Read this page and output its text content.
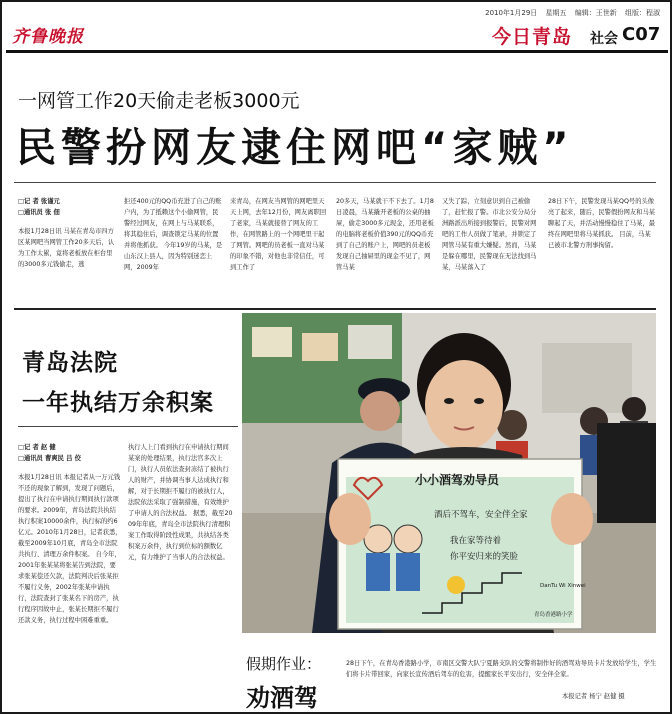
2010年1月29日 星期五 编辑：王世新 组版：程淑
齐鲁晚报	今日青岛 社会 C07
一网管工作20天偷走老板3000元
民警扮网友逮住网吧“家贼”
□记 者 张谨元
□通讯员 张 佃
本报1月28日讯 马某在青岛市四方区某网吧当网管工作20多天后，认为工作太累，竟将老板放在柜台里的3000多元钱偷走，逃
拒还400元的QQ币充进了自己的账户内，为了抵赖这个小偷网管，民警经过网友，在网上与马某联系，将其稳住后，调查锁定马某的位置并将他抓获。 今年19岁的马某，是山东汉上县人，因为特别迷恋上网，2009年
来青岛，在网友当网管的网吧里天天上网，去年12月份，网友离职回了老家，马某就接替了网友的工作，在网管路上的一个网吧里干起了网管。网吧的员老板一直对马某的印象不错，对他也非常信任，可到工作了
20多天，马某就干不下去了。1月8日凌晨，马某撬开老板的公桌的抽屉，偷走3000多元现金，还用老板的电脑将老板价值390元的QQ币充到了自己的账户上，网吧的员老板发现自己抽屉里的现金不见了，网管马某
又失了踪，立刻意识到自己被偷了，赶忙报了警。市北公安分局分洲路派出所接到报警后，民警对网吧的工作人员做了笔录，并锁定了网管马某有重大嫌疑。然而，马某是躲在哪里，民警现在无法找到马某，马某落入了
28日下午，民警发现马某QQ号的头像亮了起来，随后，民警假扮网友和马某聊起了天，并活动慢慢稳住了马某，最终在网吧里将马某抓获。 目前，马某已被市北警方刑事拘留。
青岛法院
一年执结万余积案
□记 者 赵 健
□通讯员 曹爽民 吕 佼
本报1月28日讯 本报记者从一万元钱不还的现象了解到，发现了问题后，提出了执行在申请执行期间执行款项的要求。2009年，青岛法院共执结执行积案10000余件，执行标的约6亿元。2010年1月28日，记者获悉，截至2009年10月底，青岛全市法院共执行、清理万余件积案。 自今年，2001年张某某将张某告到法院，要求张某偿还欠款，法院判决后张某拒不履行义务，2002年张某申请执行，法院查封了张某名下的房产，执行程序因故中止，张某长期拒不履行还款义务，执行过程中困难重重。
执行人上门看到执行在申请执行期间某案的处理结果，执行法官多次上门，执行人员依法查封冻结了被执行人的财产，并协调当事人达成执行和解，对于长期拒不履行的被执行人，法院依法采取了强制措施，有效维护了申请人的合法权益。 据悉，截至2009年年底，青岛全市法院执行清理积案工作取得阶段性成果，共执结各类积案万余件，执行到位标的额数亿元，有力维护了当事人的合法权益。
小小酒驾劝导员
酒后不驾车，安全伴全家
我在家等待着
你平安归来的笑脸
DanTu Wi Xinwei
青岛香港路小学
假期作业：
劝酒驾
28日下午，在青岛香港路小学，市南区交警大队宁夏路支队的交警将制作好的酒驾劝导员卡片发放给学生，学生们将卡片带回家，向家长宣传酒后驾车的危害，提醒家长平安出行，安全伴全家。
本报记者 杨宁 赵健 摄
